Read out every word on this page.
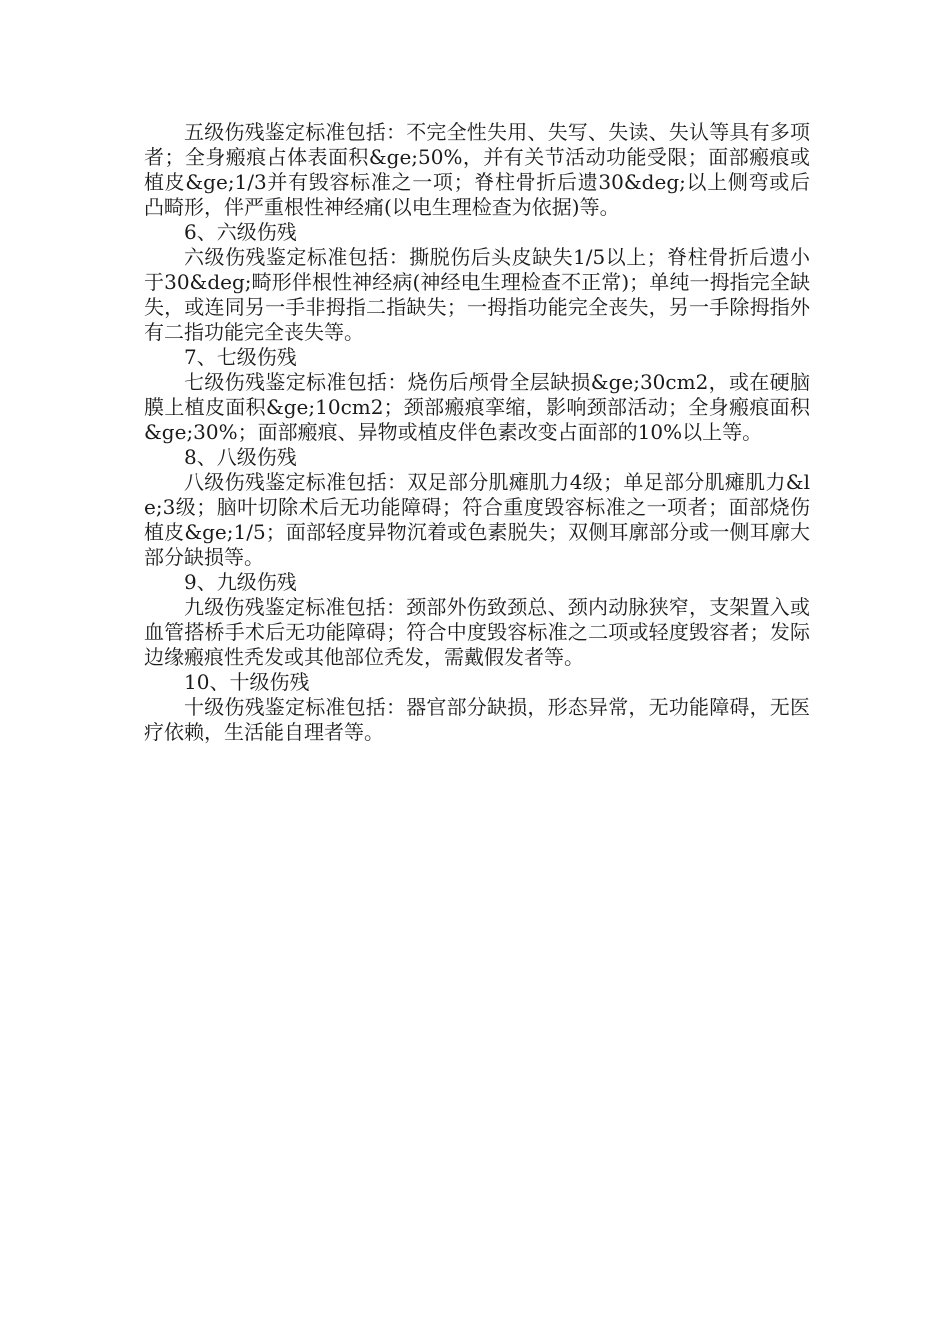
五级伤残鉴定标准包括：不完全性失用、失写、失读、失认等具有多项者；全身瘢痕占体表面积&ge;50%，并有关节活动功能受限；面部瘢痕或植皮&ge;1/3并有毁容标准之一项；脊柱骨折后遗30&deg;以上侧弯或后凸畸形，伴严重根性神经痛(以电生理检查为依据)等。

6、六级伤残

六级伤残鉴定标准包括：撕脱伤后头皮缺失1/5以上；脊柱骨折后遗小于30&deg;畸形伴根性神经病(神经电生理检查不正常)；单纯一拇指完全缺失，或连同另一手非拇指二指缺失；一拇指功能完全丧失，另一手除拇指外有二指功能完全丧失等。

7、七级伤残

七级伤残鉴定标准包括：烧伤后颅骨全层缺损&ge;30cm2，或在硬脑膜上植皮面积&ge;10cm2；颈部瘢痕挛缩，影响颈部活动；全身瘢痕面积&ge;30%；面部瘢痕、异物或植皮伴色素改变占面部的10%以上等。

8、八级伤残

八级伤残鉴定标准包括：双足部分肌瘫肌力4级；单足部分肌瘫肌力&le;3级；脑叶切除术后无功能障碍；符合重度毁容标准之一项者；面部烧伤植皮&ge;1/5；面部轻度异物沉着或色素脱失；双侧耳廓部分或一侧耳廓大部分缺损等。

9、九级伤残

九级伤残鉴定标准包括：颈部外伤致颈总、颈内动脉狭窄，支架置入或血管搭桥手术后无功能障碍；符合中度毁容标准之二项或轻度毁容者；发际边缘瘢痕性秃发或其他部位秃发，需戴假发者等。

10、十级伤残

十级伤残鉴定标准包括：器官部分缺损，形态异常，无功能障碍，无医疗依赖，生活能自理者等。
